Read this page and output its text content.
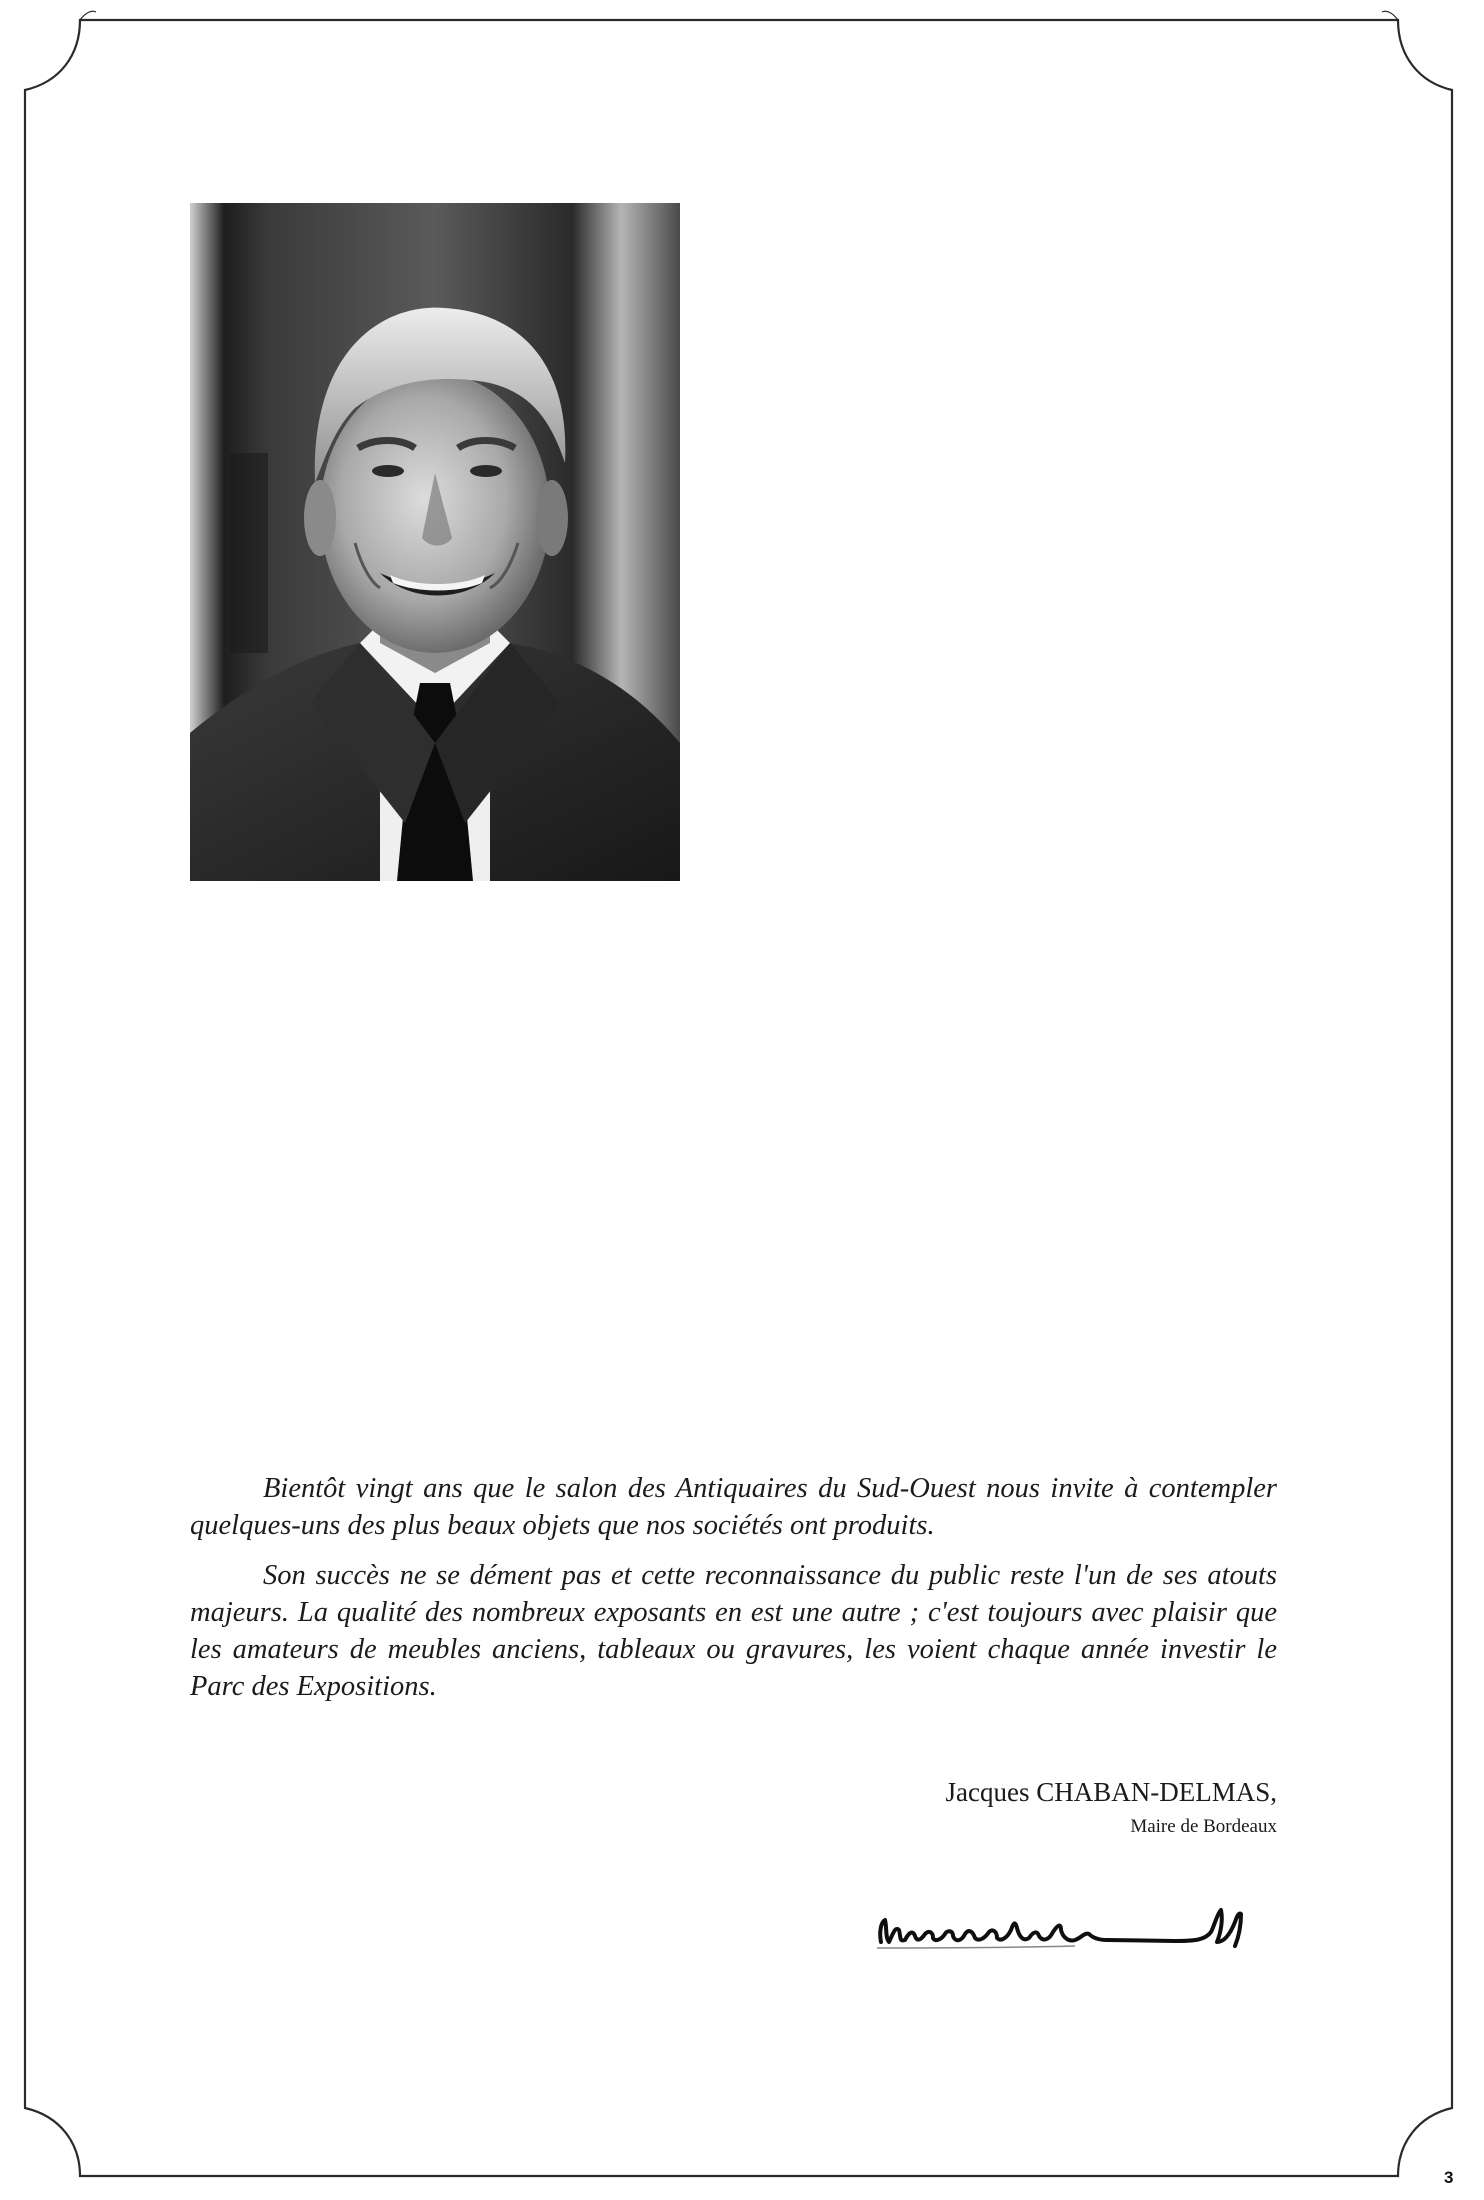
Bientôt vingt ans que le salon des Antiquaires du Sud-Ouest nous invite à contempler quelques-uns des plus beaux objets que nos sociétés ont produits.

Son succès ne se dément pas et cette reconnaissance du public reste l'un de ses atouts majeurs. La qualité des nombreux exposants en est une autre ; c'est toujours avec plaisir que les amateurs de meubles anciens, tableaux ou gravures, les voient chaque année investir le Parc des Expositions.

Jacques CHABAN-DELMAS,
Maire de Bordeaux
3
